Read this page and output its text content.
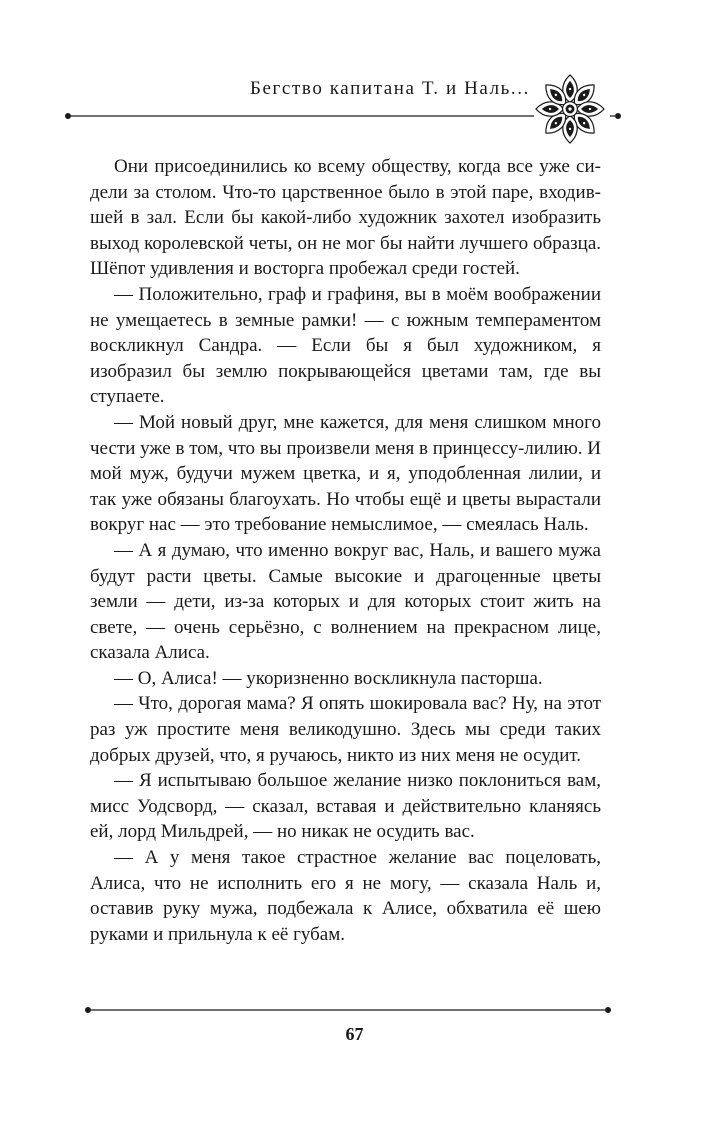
Бегство капитана Т. и Наль...

Они присоединились ко всему обществу, когда все уже сидели за столом. Что-то царственное было в этой паре, входившей в зал. Если бы какой-либо художник захотел изобразить выход королевской четы, он не мог бы найти лучшего образца. Шёпот удивления и восторга пробежал среди гостей.

— Положительно, граф и графиня, вы в моём воображении не умещаетесь в земные рамки! — с южным темпераментом воскликнул Сандра. — Если бы я был художником, я изобразил бы землю покрывающейся цветами там, где вы ступаете.

— Мой новый друг, мне кажется, для меня слишком много чести уже в том, что вы произвели меня в принцессу-лилию. И мой муж, будучи мужем цветка, и я, уподобленная лилии, и так уже обязаны благоухать. Но чтобы ещё и цветы вырастали вокруг нас — это требование немыслимое, — смеялась Наль.

— А я думаю, что именно вокруг вас, Наль, и вашего мужа будут расти цветы. Самые высокие и драгоценные цветы земли — дети, из-за которых и для которых стоит жить на свете, — очень серьёзно, с волнением на прекрасном лице, сказала Алиса.

— О, Алиса! — укоризненно воскликнула пасторша.

— Что, дорогая мама? Я опять шокировала вас? Ну, на этот раз уж простите меня великодушно. Здесь мы среди таких добрых друзей, что, я ручаюсь, никто из них меня не осудит.

— Я испытываю большое желание низко поклониться вам, мисс Уодсворд, — сказал, вставая и действительно кланяясь ей, лорд Мильдрей, — но никак не осудить вас.

— А у меня такое страстное желание вас поцеловать, Алиса, что не исполнить его я не могу, — сказала Наль и, оставив руку мужа, подбежала к Алисе, обхватила её шею руками и прильнула к её губам.

67
